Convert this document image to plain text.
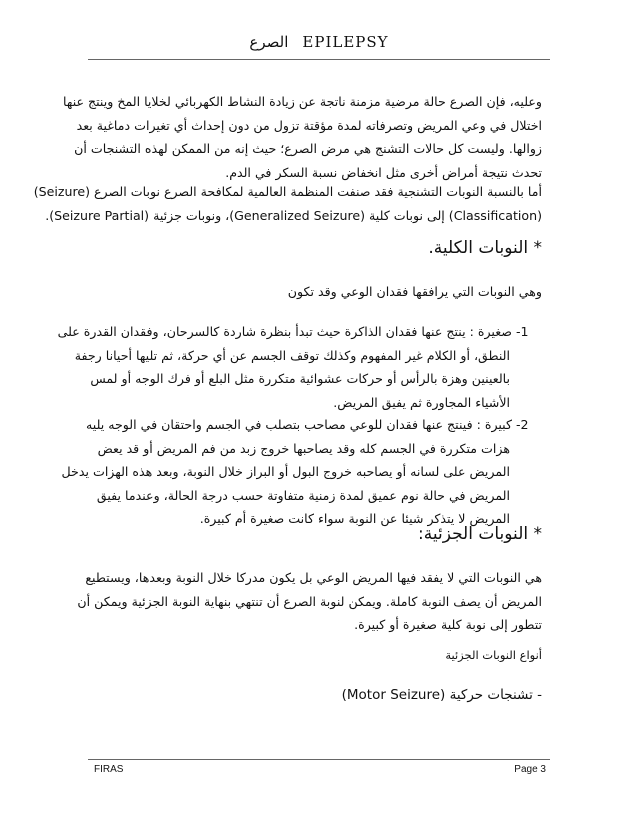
الصرع EPILEPSY
وعليه، فإن الصرع حالة مرضية مزمنة ناتجة عن زيادة النشاط الكهربائي لخلايا المخ وينتج عنها
اختلال في وعي المريض وتصرفاته لمدة مؤقتة تزول من دون إحداث أي تغيرات دماغية بعد
زوالها. وليست كل حالات التشنج هي مرض الصرع؛ حيث إنه من الممكن لهذه التشنجات أن
تحدث نتيجة أمراض أخرى مثل انخفاض نسبة السكر في الدم.
أما بالنسبة النوبات التشنجية فقد صنفت المنظمة العالمية لمكافحة الصرع نوبات الصرع (Seizure)
(Classification) إلى نوبات كلية (Generalized Seizure)، ونوبات جزئية (Seizure Partial).
* النوبات الكلية.
وهي النوبات التي يرافقها فقدان الوعي وقد تكون
1- صغيرة : ينتج عنها فقدان الذاكرة حيث تبدأ بنظرة شاردة كالسرحان، وفقدان القدرة على
النطق، أو الكلام غير المفهوم وكذلك توقف الجسم عن أي حركة، ثم تليها أحيانا رجفة
بالعينين وهزة بالرأس أو حركات عشوائية متكررة مثل البلع أو فرك الوجه أو لمس
الأشياء المجاورة ثم يفيق المريض.
2- كبيرة : فينتج عنها فقدان للوعي مصاحب بتصلب في الجسم واحتقان في الوجه يليه
هزات متكررة في الجسم كله وقد يصاحبها خروج زبد من فم المريض أو قد يعض
المريض على لسانه أو يصاحبه خروج البول أو البراز خلال النوبة، وبعد هذه الهزات يدخل
المريض في حالة نوم عميق لمدة زمنية متفاوتة حسب درجة الحالة، وعندما يفيق
المريض لا يتذكر شيئا عن النوبة سواء كانت صغيرة أم كبيرة.
* النوبات الجزئية:
هي النوبات التي لا يفقد فيها المريض الوعي بل يكون مدركا خلال النوبة وبعدها، ويستطيع
المريض أن يصف النوبة كاملة. ويمكن لنوبة الصرع أن تنتهي بنهاية النوبة الجزئية ويمكن أن
تتطور إلى نوبة كلية صغيرة أو كبيرة.
أنواع النوبات الجزئية
- تشنجات حركية (Motor Seizure)
FIRAS	Page 3
